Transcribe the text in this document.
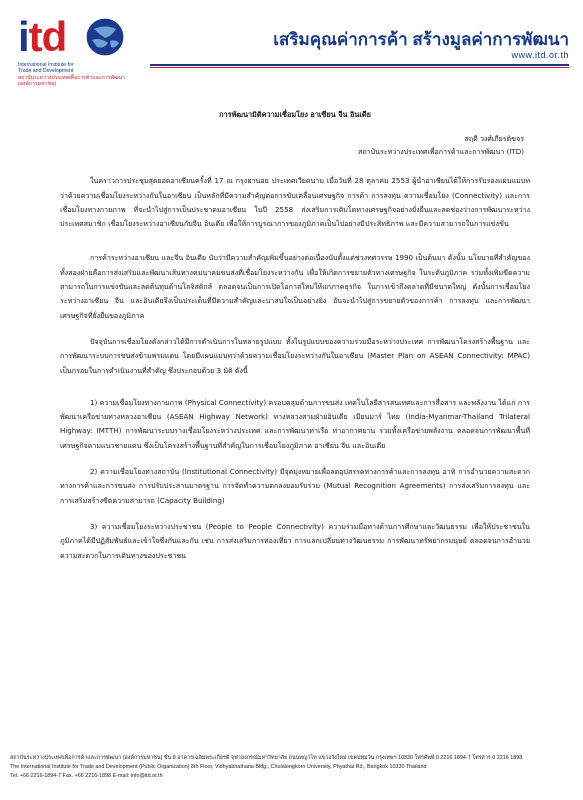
itd
International Institute for
Trade and Development
สถาบันระหว่างประเทศเพื่อการค้าและการพัฒนา (องค์การมหาชน)
เสริมคุณค่าการค้า สร้างมูลค่าการพัฒนา
www.itd.or.th

การพัฒนามิติความเชื่อมโยง อาเซียน จีน อินเดีย

สฤดี วงศ์เกียรติขจร

สถาบันระหว่างประเทศเพื่อการค้าและการพัฒนา (ITD)

ในคราวการประชุมสุดยอดอาเซียนครั้งที่ 17 ณ กรุงฮานอย ประเทศเวียดนาม เมื่อวันที่ 28 ตุลาคม 2553 ผู้นำอาเซียนได้ให้การรับรองแผนแม่บทว่าด้วยความเชื่อมโยงระหว่างกันในอาเซียน เป็นหลักที่มีความสำคัญต่อการขับเคลื่อนเศรษฐกิจ การค้า การลงทุน ความเชื่อมโยง (Connectivity) และการเชื่อมโยงทางกายภาพ ที่จะนำไปสู่การเป็นประชาคมอาเซียน ในปี 2558 ส่งเสริมการเติบโตทางเศรษฐกิจอย่างยั่งยืนและลดช่องว่างการพัฒนาระหว่างประเทศสมาชิก เชื่อมโยงระหว่างอาเซียนกับจีน อินเดีย เพื่อให้การบูรณาการของภูมิภาคเป็นไปอย่างมีประสิทธิภาพ และมีความสามารถในการแข่งขัน

การค้าระหว่างอาเซียน และจีน อินเดีย นับว่ามีความสำคัญเพิ่มขึ้นอย่างต่อเนื่องนับตั้งแต่ช่วงทศวรรษ 1990 เป็นต้นมา ดังนั้น นโยบายที่สำคัญของทั้งสองฝ่ายคือการส่งเสริมและพัฒนาเส้นทางคมนาคมขนส่งที่เชื่อมโยงระหว่างกัน เพื่อให้เกิดการขยายตัวทางเศรษฐกิจ ในระดับภูมิภาค รวมทั้งเพิ่มขีดความสามารถในการแข่งขันและลดต้นทุนด้านโลจิสติกส์ ตลอดจนเป็นการเปิดโอกาสใหม่ให้แก่ภาคธุรกิจ ในการเข้าถึงตลาดที่มีขนาดใหญ่ ดังนั้นการเชื่อมโยงระหว่างอาเซียน จีน และอินเดียจึงเป็นประเด็นที่มีความสำคัญและน่าสนใจเป็นอย่างยิ่ง อันจะนำไปสู่การขยายตัวของการค้า การลงทุน และการพัฒนาเศรษฐกิจที่ยั่งยืนของภูมิภาค

ปัจจุบันการเชื่อมโยงดังกล่าวได้มีการดำเนินการในหลายรูปแบบ ทั้งในรูปแบบของความร่วมมือระหว่างประเทศ การพัฒนาโครงสร้างพื้นฐาน และการพัฒนาระบบการขนส่งข้ามพรมแดน โดยมีแผนแม่บทว่าด้วยความเชื่อมโยงระหว่างกันในอาเซียน (Master Plan on ASEAN Connectivity: MPAC) เป็นกรอบในการดำเนินงานที่สำคัญ ซึ่งประกอบด้วย 3 มิติ ดังนี้

1) ความเชื่อมโยงทางกายภาพ (Physical Connectivity) ครอบคลุมด้านการขนส่ง เทคโนโลยีสารสนเทศและการสื่อสาร และพลังงาน ได้แก่ การพัฒนาเครือข่ายทางหลวงอาเซียน (ASEAN Highway Network) ทางหลวงสามฝ่ายอินเดีย เมียนมาร์ ไทย (India-Myanmar-Thailand Trilateral Highway: IMTTH) การพัฒนาระบบรางเชื่อมโยงระหว่างประเทศ และการพัฒนาท่าเรือ ท่าอากาศยาน รวมทั้งเครือข่ายพลังงาน ตลอดจนการพัฒนาพื้นที่เศรษฐกิจตามแนวชายแดน ซึ่งเป็นโครงสร้างพื้นฐานที่สำคัญในการเชื่อมโยงภูมิภาค อาเซียน จีน และอินเดีย

2) ความเชื่อมโยงทางสถาบัน (Institutional Connectivity) มีจุดมุ่งหมายเพื่อลดอุปสรรคทางการค้าและการลงทุน อาทิ การอำนวยความสะดวกทางการค้าและการขนส่ง การปรับประสานมาตรฐาน การจัดทำความตกลงยอมรับร่วม (Mutual Recognition Agreements) การส่งเสริมการลงทุน และการเสริมสร้างขีดความสามารถ (Capacity Building)

3) ความเชื่อมโยงระหว่างประชาชน (People to People Connectivity) ความร่วมมือทางด้านการศึกษาและวัฒนธรรม เพื่อให้ประชาชนในภูมิภาคได้มีปฏิสัมพันธ์และเข้าใจซึ่งกันและกัน เช่น การส่งเสริมการท่องเที่ยว การแลกเปลี่ยนทางวัฒนธรรม การพัฒนาทรัพยากรมนุษย์ ตลอดจนการอำนวยความสะดวกในการเดินทางของประชาชน

สถาบันระหว่างประเทศเพื่อการค้าและการพัฒนา (องค์การมหาชน) ชั้น 8 อาคารเฉลิมพระเกียรติ จุฬาลงกรณ์มหาวิทยาลัย ถนนพญาไท แขวงวังใหม่ เขตปทุมวัน กรุงเทพฯ 10330 โทรศัพท์ 0 2216 1894-7 โทรสาร 0 2216 1898
The International Institute for Trade and Development (Public Organization) 8th Floor, Vidhyabhathana Bldg., Chulalongkorn University, Phyathai Rd., Bangkok 10330 Thailand
Tel. +66 2216-1894-7 Fax. +66 2216-1898 E-mail: info@itd.or.th
